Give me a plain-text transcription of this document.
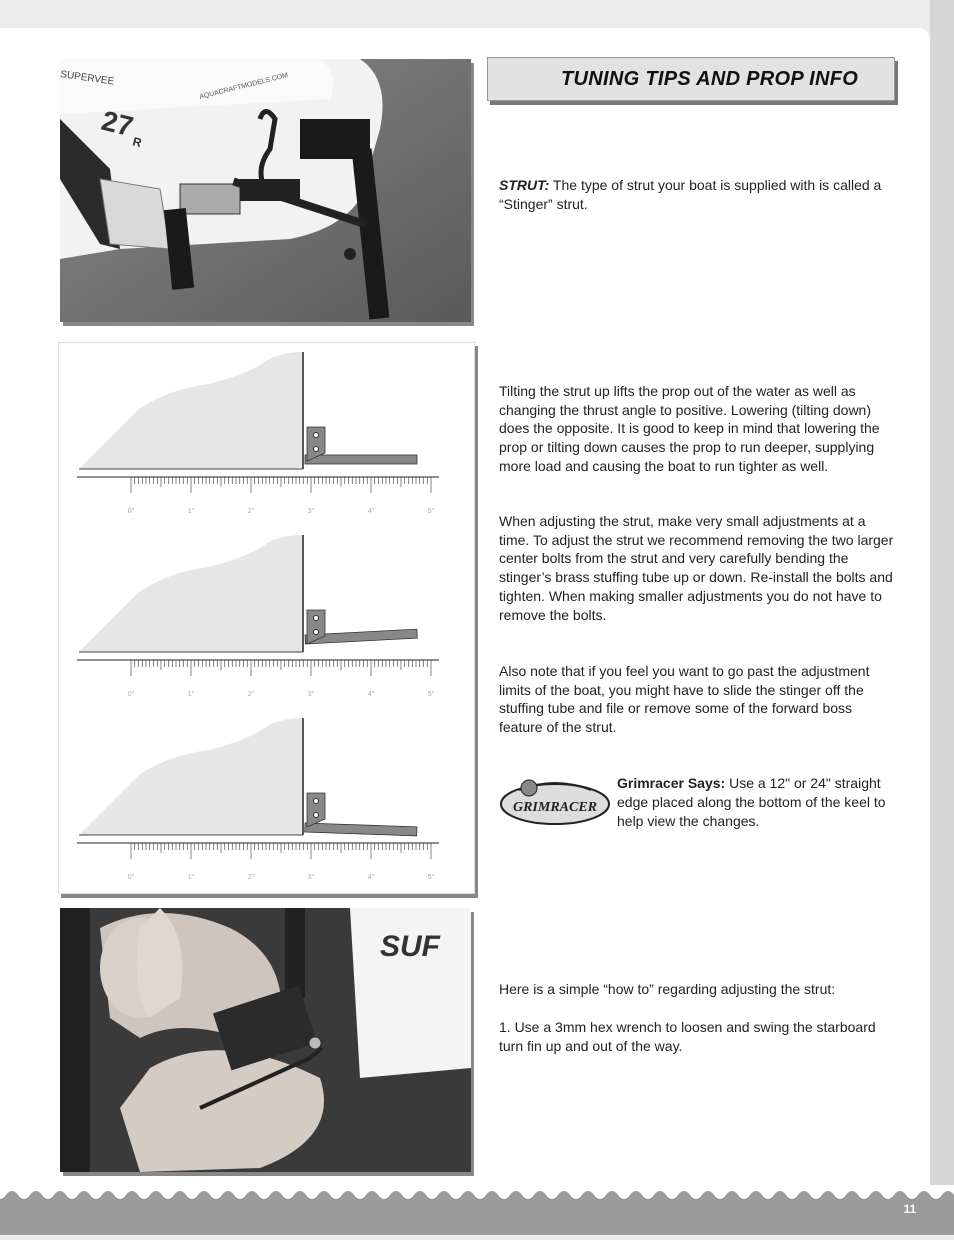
SUPERVEE
27
R
AQUACRAFTMODELS.COM
0"	1"	2"	3"	4"	5"
0"	1"	2"	3"	4"	5"
0"	1"	2"	3"	4"	5"
SUF
TUNING TIPS AND PROP INFO
STRUT: The type of strut your boat is supplied with is called a “Stinger” strut.
Tilting the strut up lifts the prop out of the water as well as changing the thrust angle to positive. Lowering (tilting down) does the opposite. It is good to keep in mind that lowering the prop or tilting down causes the prop to run deeper, supplying more load and causing the boat to run tighter as well.
When adjusting the strut, make very small adjustments at a time. To adjust the strut we recommend removing the two larger center bolts from the strut and very carefully bending the stinger’s brass stuffing tube up or down. Re-install the bolts and tighten. When making smaller adjustments you do not have to remove the bolts.
Also note that if you feel you want to go past the adjustment limits of the boat, you might have to slide the stinger off the stuffing tube and file or remove some of the forward boss feature of the strut.
GRIMRACER
Grimracer Says: Use a 12" or 24" straight edge placed along the bottom of the keel to help view the changes.
Here is a simple “how to” regarding adjusting the strut:
1. Use a 3mm hex wrench to loosen and swing the starboard turn fin up and out of the way.
11
